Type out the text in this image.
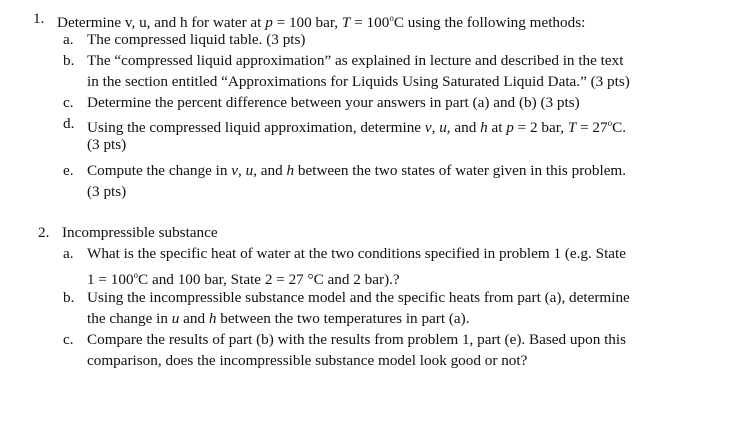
1. Determine v, u, and h for water at p = 100 bar, $T = 100^oC$ using the following methods:
a. The compressed liquid table. (3 pts)
b. The “compressed liquid approximation” as explained in lecture and described in the text
in the section entitled “Approximations for Liquids Using Saturated Liquid Data.” (3 pts)
c. Determine the percent difference between your answers in part (a) and (b) (3 pts)
d. Using the compressed liquid approximation, determine v, u, and h at p = 2 bar, $T = 27^oC$.
(3 pts)
e. Compute the change in v, u, and h between the two states of water given in this problem.
(3 pts)
2. Incompressible substance
a. What is the specific heat of water at the two conditions specified in problem 1 (e.g. State
$1 = 100^oC$ and 100 bar, State 2 = 27 °C and 2 bar).?
b. Using the incompressible substance model and the specific heats from part (a), determine
the change in u and h between the two temperatures in part (a).
c. Compare the results of part (b) with the results from problem 1, part (e). Based upon this
comparison, does the incompressible substance model look good or not?
